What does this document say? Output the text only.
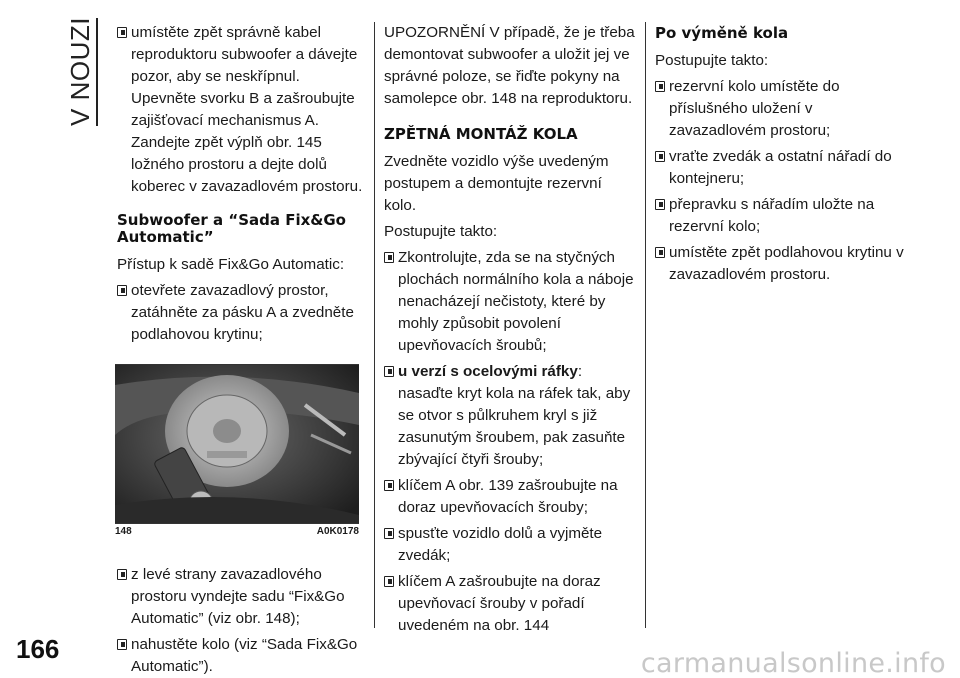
V NOUZI umístěte zpět správně kabel reproduktoru subwoofer a dávejte pozor, aby se neskřípnul. Upevněte svorku B a zašroubujte zajišťovací mechanismus A. Zandejte zpět výplň obr. 145 ložného prostoru a dejte dolů koberec v zavazadlovém prostoru.
Subwoofer a “Sada Fix&Go Automatic”
Přístup k sadě Fix&Go Automatic:
otevřete zavazadlový prostor, zatáhněte za pásku A a zvedněte podlahovou krytinu;
148	A0K0178
z levé strany zavazadlového prostoru vyndejte sadu “Fix&Go Automatic” (viz obr. 148);
nahustěte kolo (viz “Sada Fix&Go Automatic”).
UPOZORNĚNÍ V případě, že je třeba demontovat subwoofer a uložit jej ve správné poloze, se řiďte pokyny na samolepce obr. 148 na reproduktoru.
ZPĚTNÁ MONTÁŽ KOLA
Zvedněte vozidlo výše uvedeným postupem a demontujte rezervní kolo.
Postupujte takto:
Zkontrolujte, zda se na styčných plochách normálního kola a náboje nenacházejí nečistoty, které by mohly způsobit povolení upevňovacích šroubů;
u verzí s ocelovými ráfky: nasaďte kryt kola na ráfek tak, aby se otvor s půlkruhem kryl s již zasunutým šroubem, pak zasuňte zbývající čtyři šrouby;
klíčem A obr. 139 zašroubujte na doraz upevňovacích šrouby;
spusťte vozidlo dolů a vyjměte zvedák;
klíčem A zašroubujte na doraz upevňovací šrouby v pořadí uvedeném na obr. 144
Po výměně kola
Postupujte takto:
rezervní kolo umístěte do příslušného uložení v zavazadlovém prostoru;
vraťte zvedák a ostatní nářadí do kontejneru;
přepravku s nářadím uložte na rezervní kolo;
umístěte zpět podlahovou krytinu v zavazadlovém prostoru.
166	carmanualsonline.info
